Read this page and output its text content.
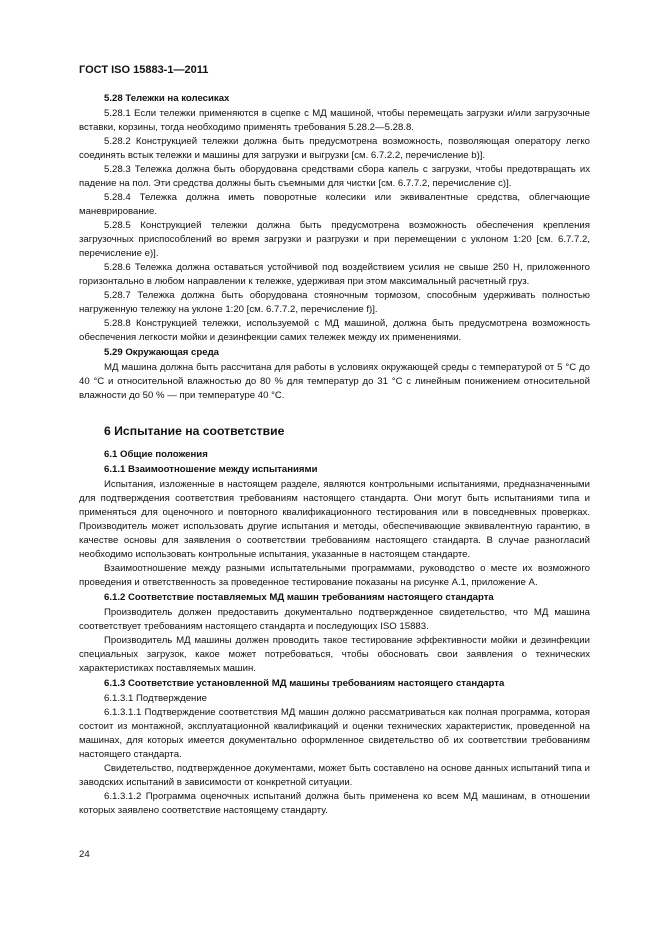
ГОСТ ISO 15883-1—2011

5.28 Тележки на колесиках

5.28.1 Если тележки применяются в сцепке с МД машиной, чтобы перемещать загрузки и/или загрузочные вставки, корзины, тогда необходимо применять требования 5.28.2—5.28.8.

5.28.2 Конструкцией тележки должна быть предусмотрена возможность, позволяющая оператору легко соединять встык тележки и машины для загрузки и выгрузки [см. 6.7.2.2, перечисление b)].

5.28.3 Тележка должна быть оборудована средствами сбора капель с загрузки, чтобы предотвращать их падение на пол. Эти средства должны быть съемными для чистки [см. 6.7.7.2, перечисление c)].

5.28.4 Тележка должна иметь поворотные колесики или эквивалентные средства, облегчающие маневрирование.

5.28.5 Конструкцией тележки должна быть предусмотрена возможность обеспечения крепления загрузочных приспособлений во время загрузки и разгрузки и при перемещении с уклоном 1:20 [см. 6.7.7.2, перечисление e)].

5.28.6 Тележка должна оставаться устойчивой под воздействием усилия не свыше 250 Н, приложенного горизонтально в любом направлении к тележке, удерживая при этом максимальный расчетный груз.

5.28.7 Тележка должна быть оборудована стояночным тормозом, способным удерживать полностью нагруженную тележку на уклоне 1:20 [см. 6.7.7.2, перечисление f)].

5.28.8 Конструкцией тележки, используемой с МД машиной, должна быть предусмотрена возможность обеспечения легкости мойки и дезинфекции самих тележек между их применениями.

5.29 Окружающая среда

МД машина должна быть рассчитана для работы в условиях окружающей среды с температурой от 5 °С до 40 °С и относительной влажностью до 80 % для температур до 31 °С с линейным понижением относительной влажности до 50 % — при температуре 40 °С.

6 Испытание на соответствие

6.1 Общие положения

6.1.1 Взаимоотношение между испытаниями

Испытания, изложенные в настоящем разделе, являются контрольными испытаниями, предназначенными для подтверждения соответствия требованиям настоящего стандарта. Они могут быть испытаниями типа и применяться для оценочного и повторного квалификационного тестирования или в повседневных проверках. Производитель может использовать другие испытания и методы, обеспечивающие эквивалентную гарантию, в качестве основы для заявления о соответствии требованиям настоящего стандарта. В случае разногласий необходимо использовать контрольные испытания, указанные в настоящем стандарте.

Взаимоотношение между разными испытательными программами, руководство о месте их возможного проведения и ответственность за проведенное тестирование показаны на рисунке А.1, приложение А.

6.1.2 Соответствие поставляемых МД машин требованиям настоящего стандарта

Производитель должен предоставить документально подтвержденное свидетельство, что МД машина соответствует требованиям настоящего стандарта и последующих ISO 15883.

Производитель МД машины должен проводить такое тестирование эффективности мойки и дезинфекции специальных загрузок, какое может потребоваться, чтобы обосновать свои заявления о технических характеристиках поставляемых машин.

6.1.3 Соответствие установленной МД машины требованиям настоящего стандарта

6.1.3.1 Подтверждение

6.1.3.1.1 Подтверждение соответствия МД машин должно рассматриваться как полная программа, которая состоит из монтажной, эксплуатационной квалификаций и оценки технических характеристик, проведенной на машинах, для которых имеется документально оформленное свидетельство об их соответствии требованиям настоящего стандарта.

Свидетельство, подтвержденное документами, может быть составлено на основе данных испытаний типа и заводских испытаний в зависимости от конкретной ситуации.

6.1.3.1.2 Программа оценочных испытаний должна быть применена ко всем МД машинам, в отношении которых заявлено соответствие настоящему стандарту.

24
